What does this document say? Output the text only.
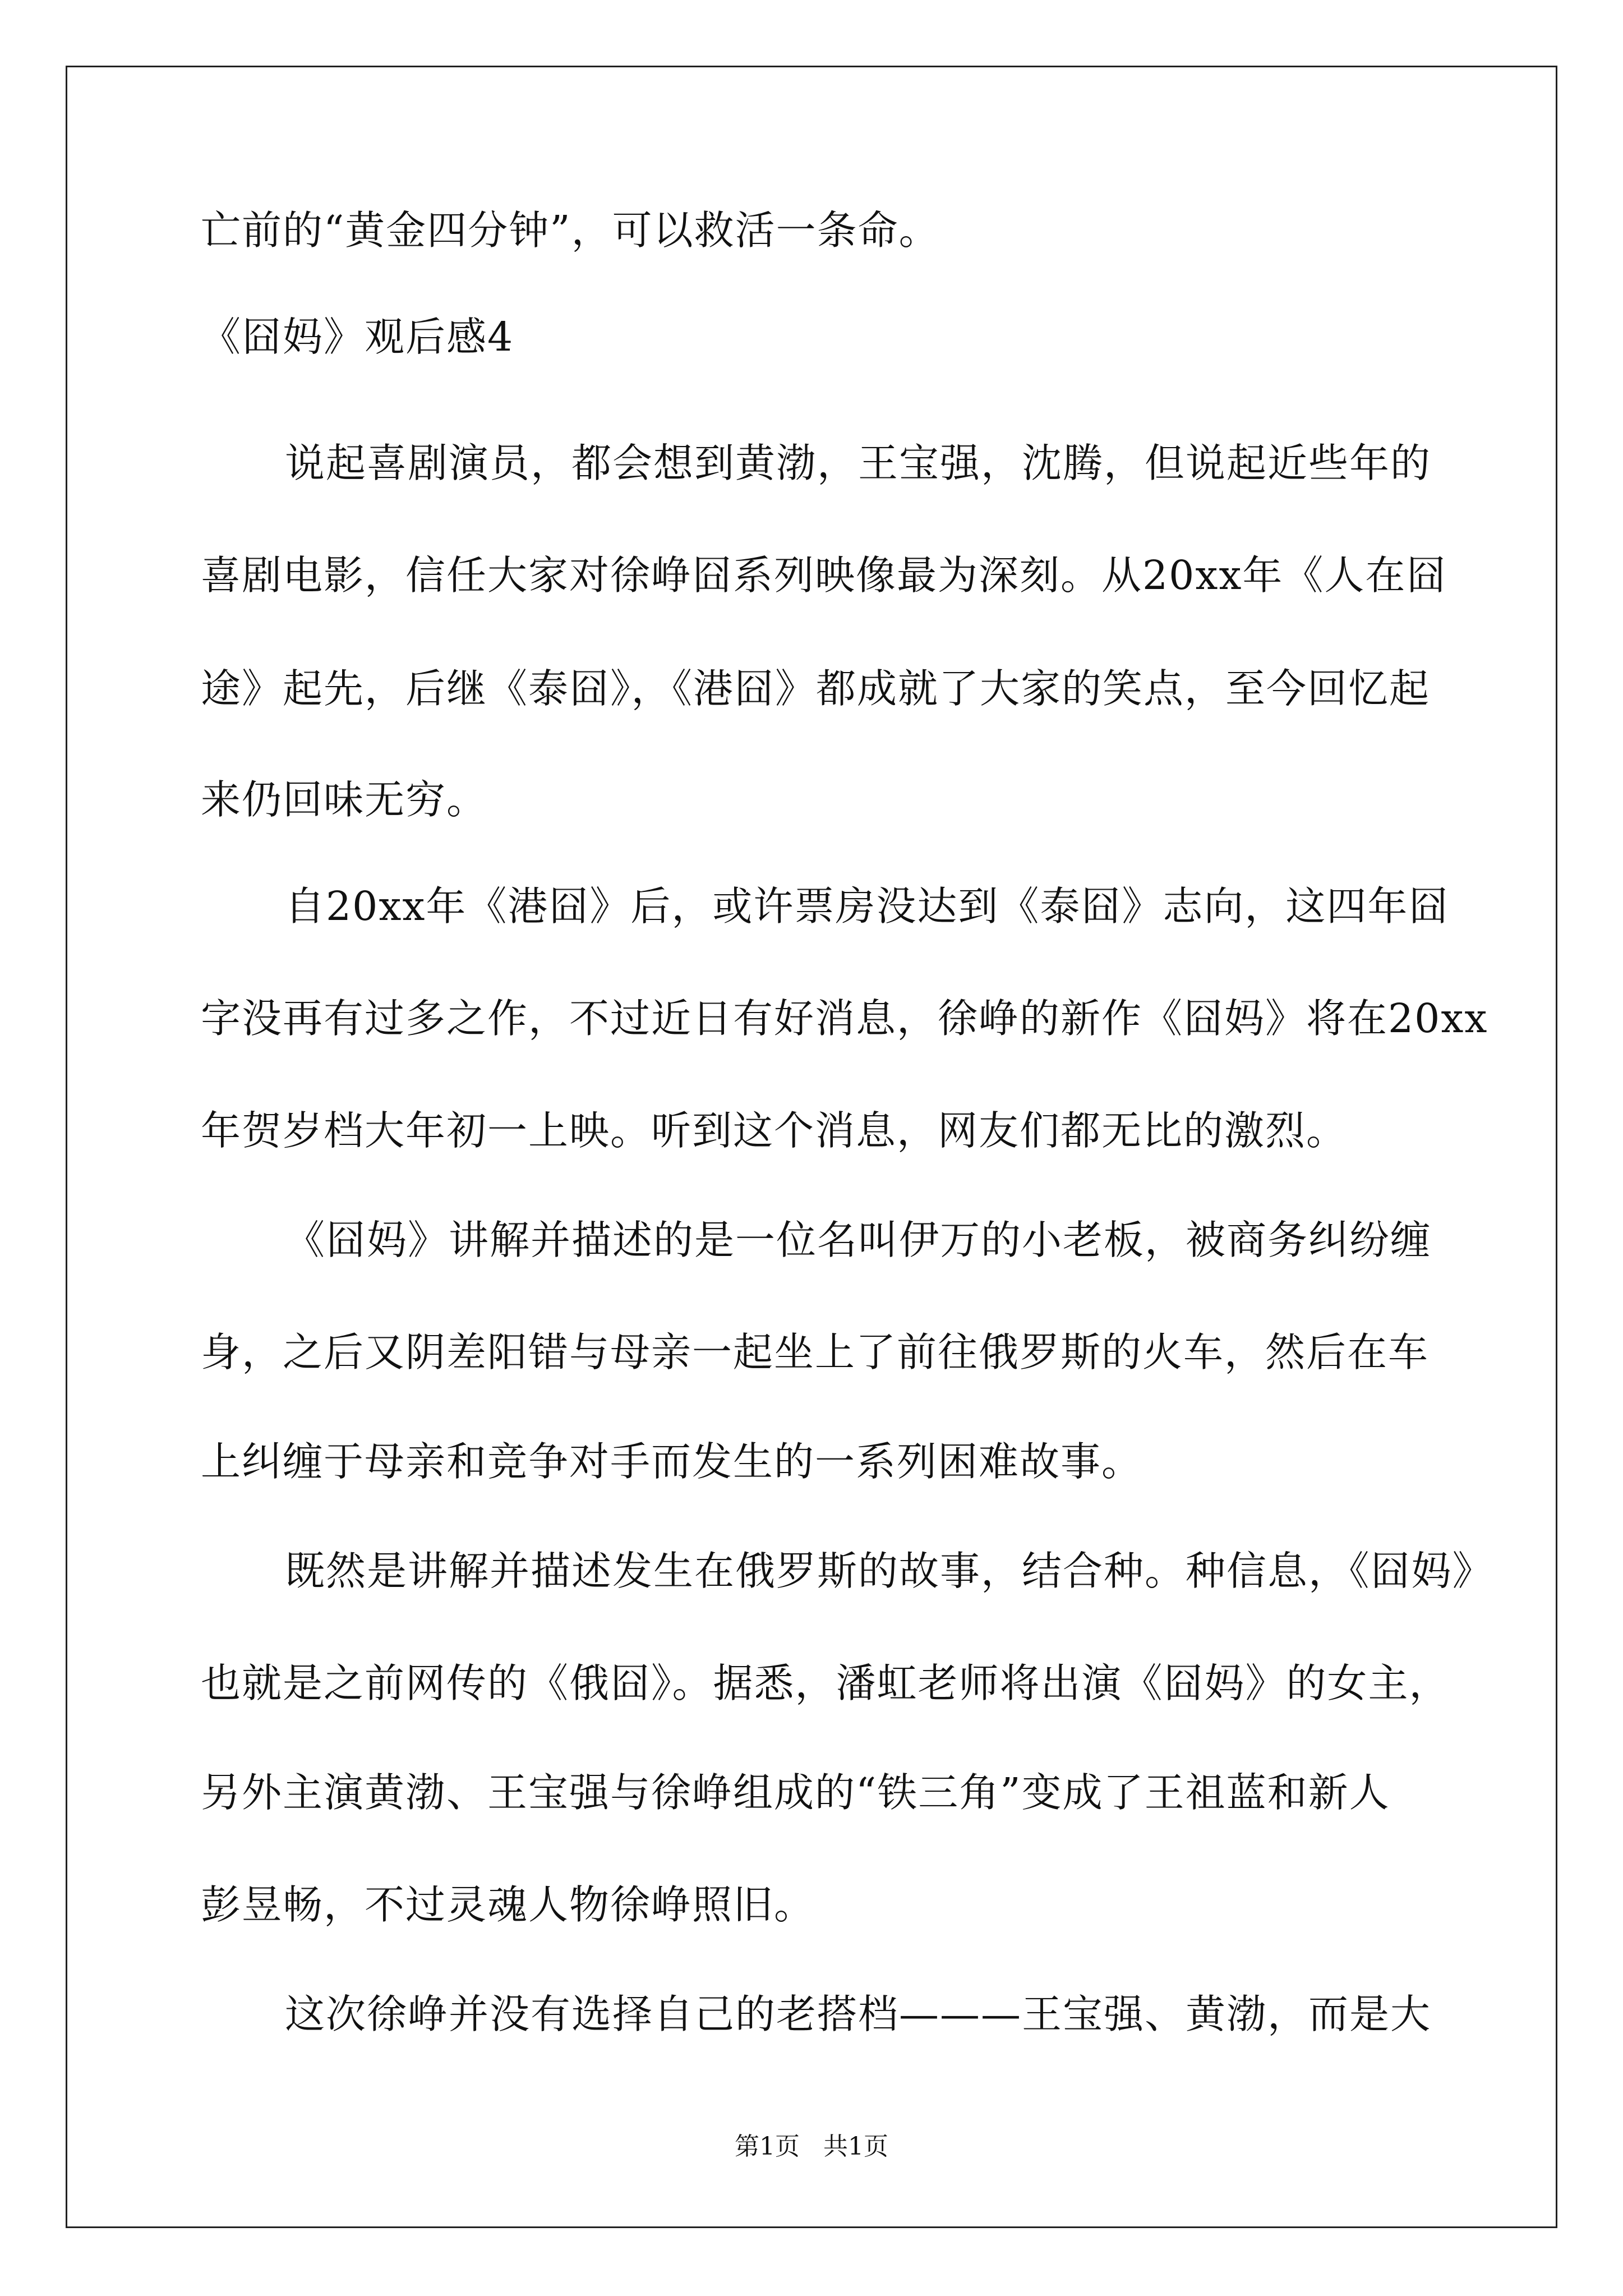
亡前的“黄金四分钟”，可以救活一条命。
《囧妈》观后感4
说起喜剧演员，都会想到黄渤，王宝强，沈腾，但说起近些年的
喜剧电影，信任大家对徐峥囧系列映像最为深刻。从20xx年《人在囧
途》起先，后继《泰囧》，《港囧》都成就了大家的笑点，至今回忆起
来仍回味无穷。
自20xx年《港囧》后，或许票房没达到《泰囧》志向，这四年囧
字没再有过多之作，不过近日有好消息，徐峥的新作《囧妈》将在20xx
年贺岁档大年初一上映。听到这个消息，网友们都无比的激烈。
《囧妈》讲解并描述的是一位名叫伊万的小老板，被商务纠纷缠
身，之后又阴差阳错与母亲一起坐上了前往俄罗斯的火车，然后在车
上纠缠于母亲和竞争对手而发生的一系列困难故事。
既然是讲解并描述发生在俄罗斯的故事，结合种。种信息，《囧妈》
也就是之前网传的《俄囧》。据悉，潘虹老师将出演《囧妈》的女主，
另外主演黄渤、王宝强与徐峥组成的“铁三角”变成了王祖蓝和新人
彭昱畅，不过灵魂人物徐峥照旧。
这次徐峥并没有选择自己的老搭档———王宝强、黄渤，而是大
第1页   共1页
